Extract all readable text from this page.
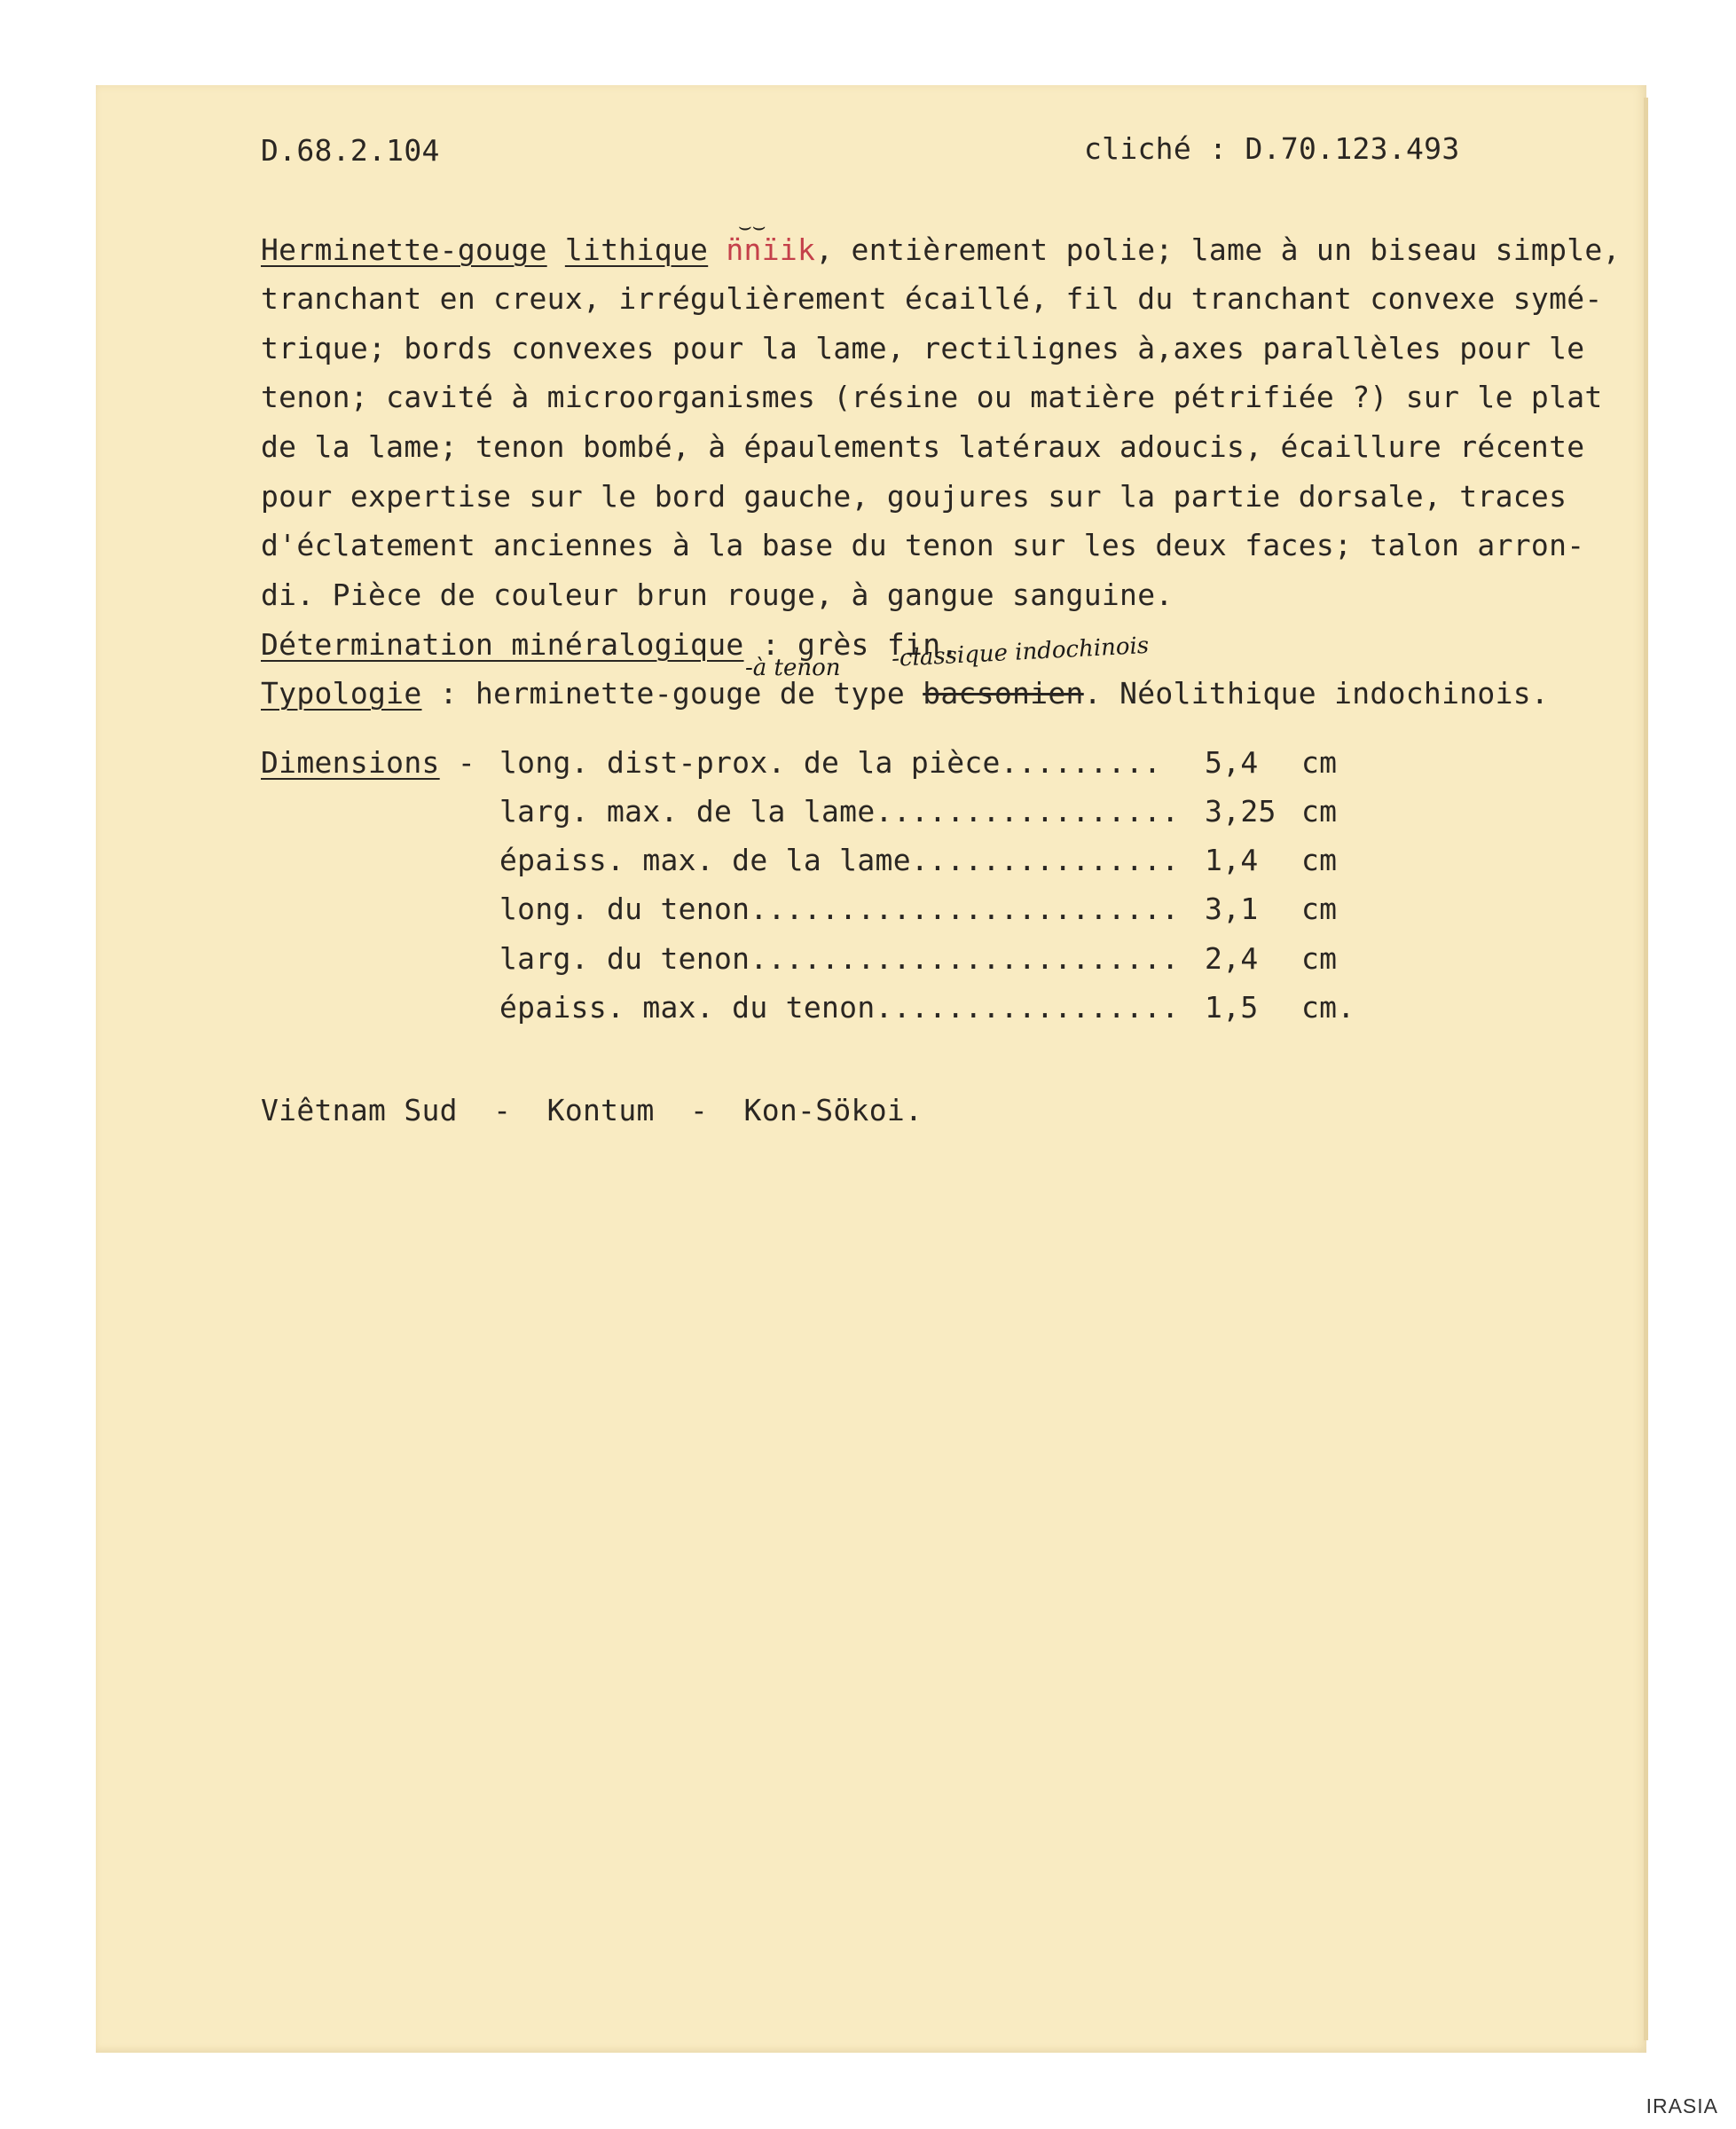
D.68.2.104	cliché : D.70.123.493
⌣⌣
Herminette-gouge lithique n̈nïik, entièrement polie; lame à un biseau simple,
tranchant en creux, irrégulièrement écaillé, fil du tranchant convexe symé-
trique; bords convexes pour la lame, rectilignes à,axes parallèles pour le
tenon; cavité à microorganismes (résine ou matière pétrifiée ?) sur le plat
de la lame; tenon bombé, à épaulements latéraux adoucis, écaillure récente
pour expertise sur le bord gauche, goujures sur la partie dorsale, traces
d'éclatement anciennes à la base du tenon sur les deux faces; talon arron-
di. Pièce de couleur brun rouge, à gangue sanguine.
Détermination minéralogique : grès fin.
-à tenon -classique indochinois
Typologie : herminette-gouge de type bacsonien. Néolithique indochinois.
Dimensions - long. dist-prox. de la pièce......... 5,4 cm
larg. max. de la lame................. 3,25 cm
épaiss. max. de la lame............... 1,4 cm
long. du tenon........................ 3,1 cm
larg. du tenon........................ 2,4 cm
épaiss. max. du tenon................. 1,5 cm.
Viêtnam Sud  -  Kontum  -  Kon-Sökoi.
IRASIA
